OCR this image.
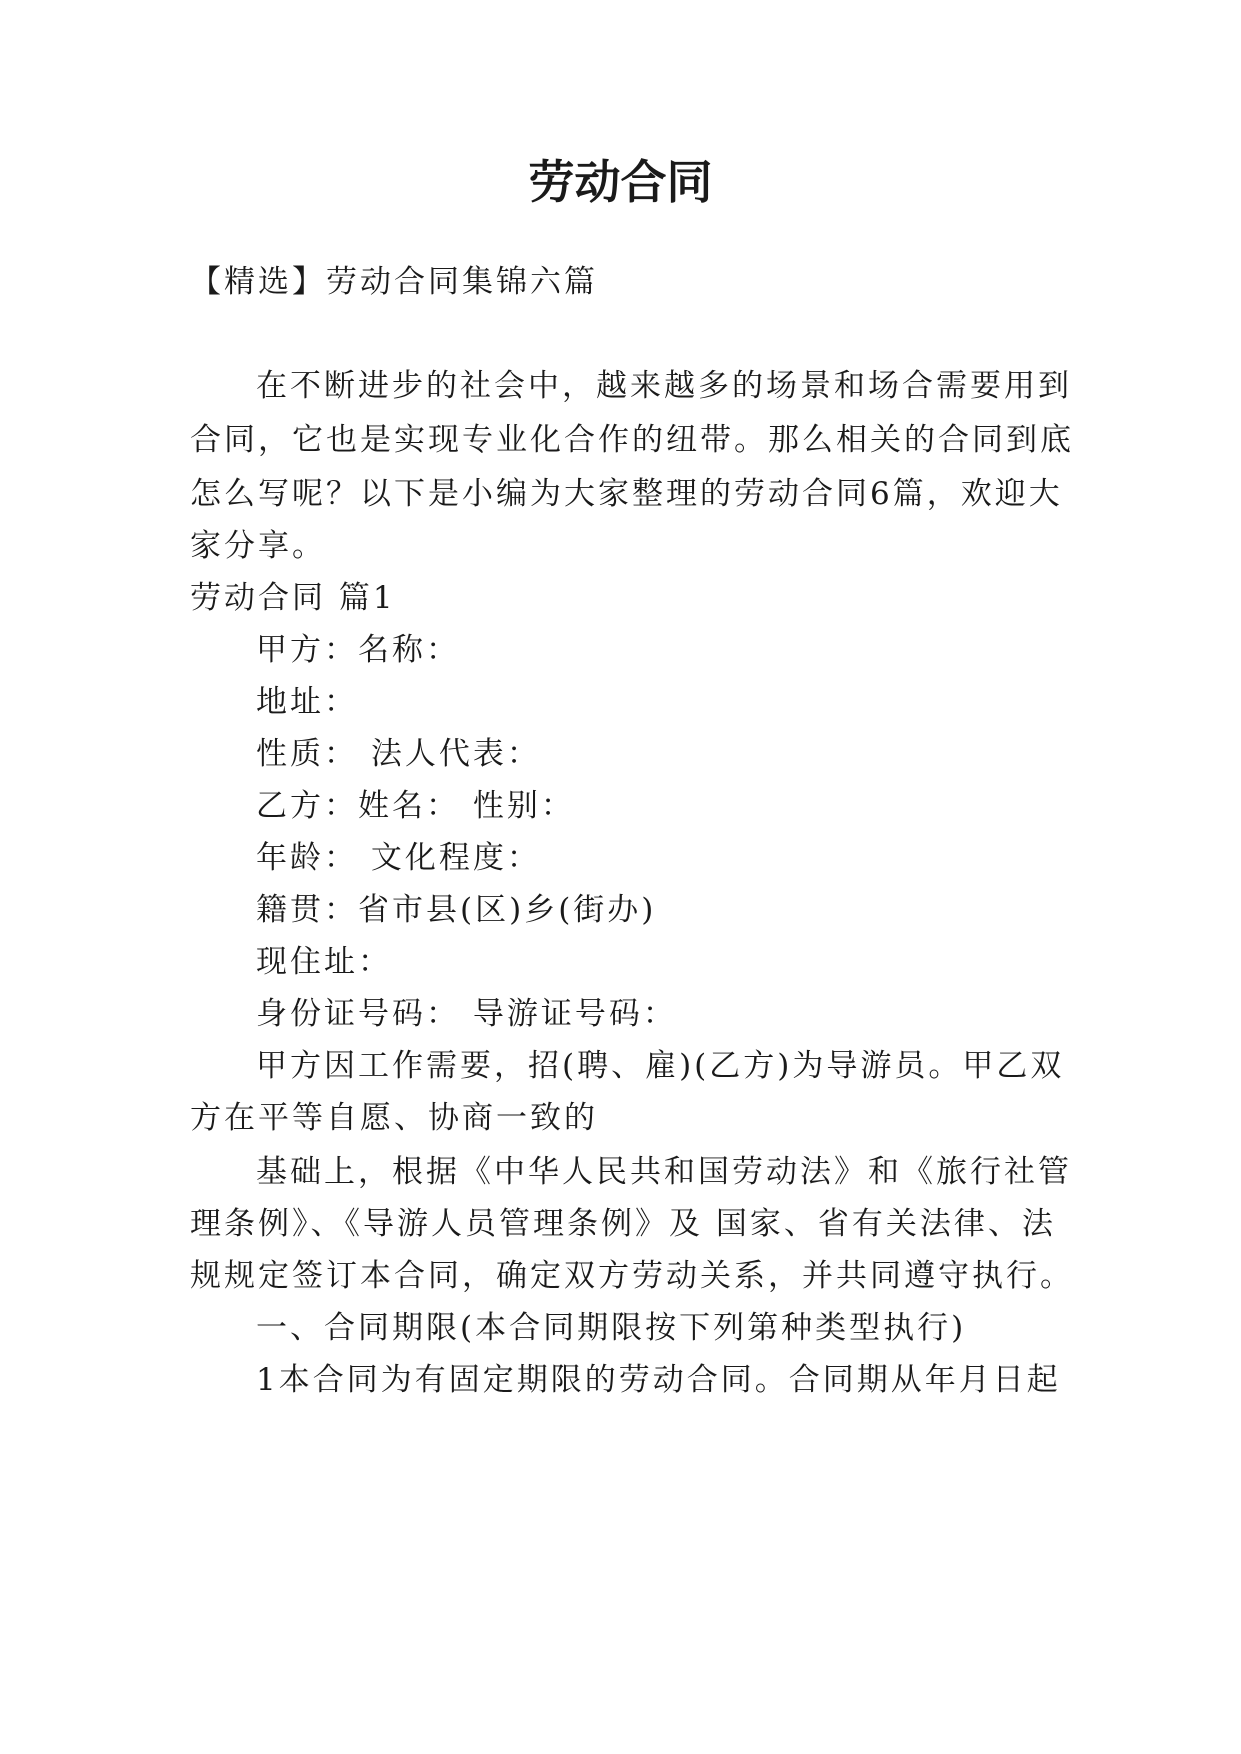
劳动合同
【精选】劳动合同集锦六篇
在不断进步的社会中，越来越多的场景和场合需要用到
合同，它也是实现专业化合作的纽带。那么相关的合同到底
怎么写呢？以下是小编为大家整理的劳动合同6篇，欢迎大
家分享。
劳动合同 篇1
甲方：名称：
地址：
性质： 法人代表：
乙方：姓名： 性别：
年龄： 文化程度：
籍贯：省市县(区)乡(街办)
现住址：
身份证号码： 导游证号码：
甲方因工作需要，招(聘、雇)(乙方)为导游员。甲乙双
方在平等自愿、协商一致的
基础上，根据《中华人民共和国劳动法》和《旅行社管
理条例》、《导游人员管理条例》及 国家、省有关法律、法
规规定签订本合同，确定双方劳动关系，并共同遵守执行。
一、合同期限(本合同期限按下列第种类型执行)
1本合同为有固定期限的劳动合同。合同期从年月日起
